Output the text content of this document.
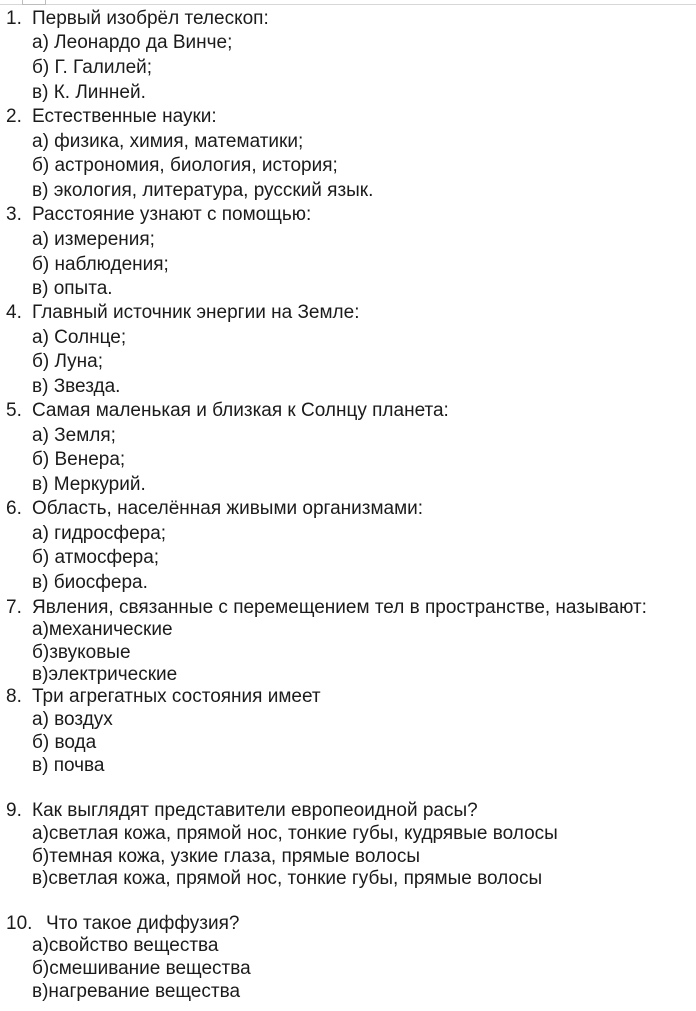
1. Первый изобрёл телескоп:

а) Леонардо да Винче;

б) Г. Галилей;

в) К. Линней.

2. Естественные науки:

а) физика, химия, математики;

б) астрономия, биология, история;

в) экология, литература, русский язык.

3. Расстояние узнают с помощью:

а) измерения;

б) наблюдения;

в) опыта.

4. Главный источник энергии на Земле:

а) Солнце;

б) Луна;

в) Звезда.

5. Самая маленькая и близкая к Солнцу планета:

а) Земля;

б) Венера;

в) Меркурий.

6. Область, населённая живыми организмами:

а) гидросфера;

б) атмосфера;

в) биосфера.

7. Явления, связанные с перемещением тел в пространстве, называют:

а)механические

б)звуковые

в)электрические

8. Три агрегатных состояния имеет

а) воздух

б) вода

в) почва

9. Как выглядят представители европеоидной расы?

а)светлая кожа, прямой нос, тонкие губы, кудрявые волосы

б)темная кожа, узкие глаза, прямые волосы

в)светлая кожа, прямой нос, тонкие губы, прямые волосы

10. Что такое диффузия?

а)свойство вещества

б)смешивание вещества

в)нагревание вещества
